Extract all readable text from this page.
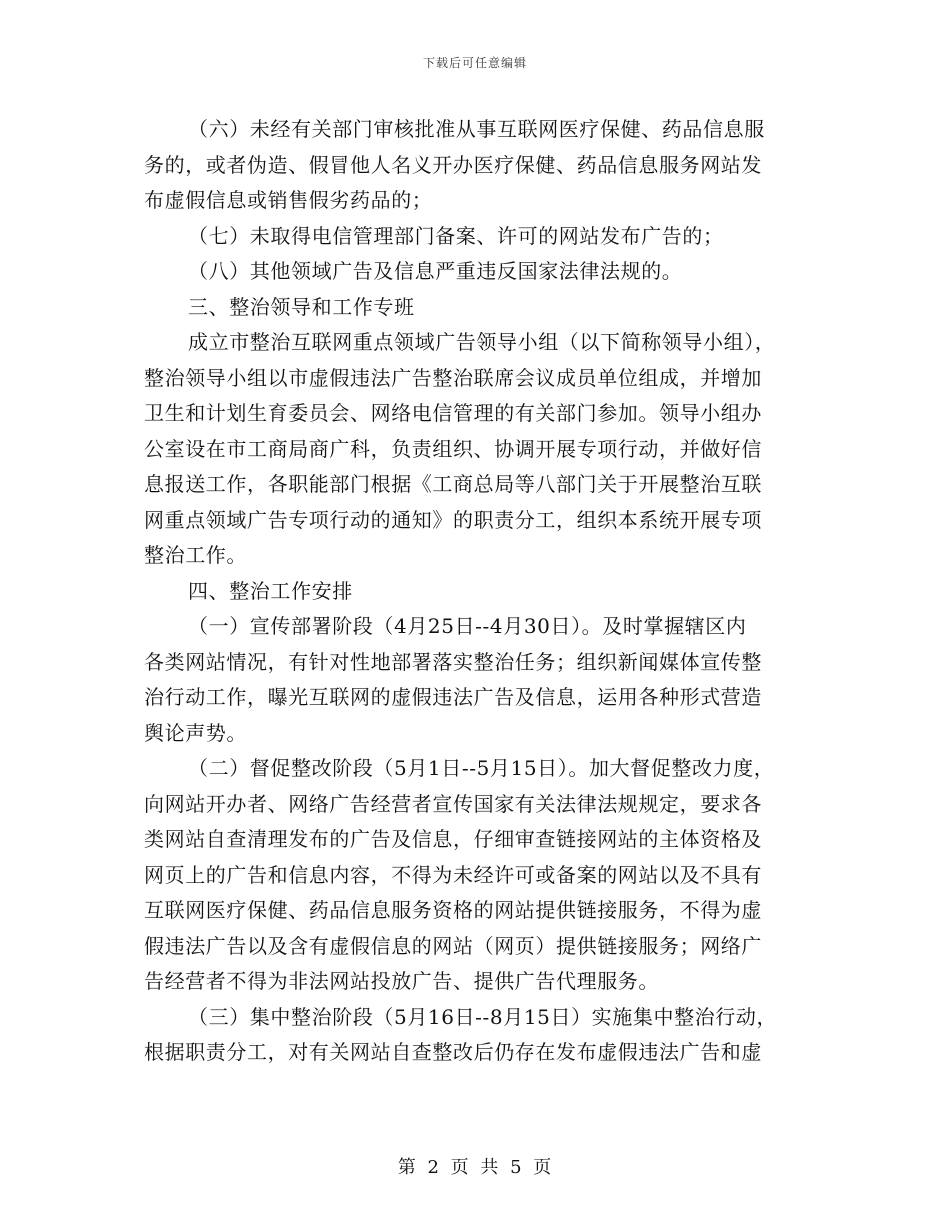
下载后可任意编辑
（六）未经有关部门审核批准从事互联网医疗保健、药品信息服
务的，或者伪造、假冒他人名义开办医疗保健、药品信息服务网站发
布虚假信息或销售假劣药品的；
（七）未取得电信管理部门备案、许可的网站发布广告的；
（八）其他领域广告及信息严重违反国家法律法规的。
三、整治领导和工作专班
成立市整治互联网重点领域广告领导小组（以下简称领导小组），
整治领导小组以市虚假违法广告整治联席会议成员单位组成，并增加
卫生和计划生育委员会、网络电信管理的有关部门参加。领导小组办
公室设在市工商局商广科，负责组织、协调开展专项行动，并做好信
息报送工作，各职能部门根据《工商总局等八部门关于开展整治互联
网重点领域广告专项行动的通知》的职责分工，组织本系统开展专项
整治工作。
四、整治工作安排
（一）宣传部署阶段（4月25日--4月30日）。及时掌握辖区内
各类网站情况，有针对性地部署落实整治任务；组织新闻媒体宣传整
治行动工作，曝光互联网的虚假违法广告及信息，运用各种形式营造
舆论声势。
（二）督促整改阶段（5月1日--5月15日）。加大督促整改力度，
向网站开办者、网络广告经营者宣传国家有关法律法规规定，要求各
类网站自查清理发布的广告及信息，仔细审查链接网站的主体资格及
网页上的广告和信息内容，不得为未经许可或备案的网站以及不具有
互联网医疗保健、药品信息服务资格的网站提供链接服务，不得为虚
假违法广告以及含有虚假信息的网站（网页）提供链接服务；网络广
告经营者不得为非法网站投放广告、提供广告代理服务。
（三）集中整治阶段（5月16日--8月15日）实施集中整治行动，
根据职责分工，对有关网站自查整改后仍存在发布虚假违法广告和虚
第 2 页 共 5 页
